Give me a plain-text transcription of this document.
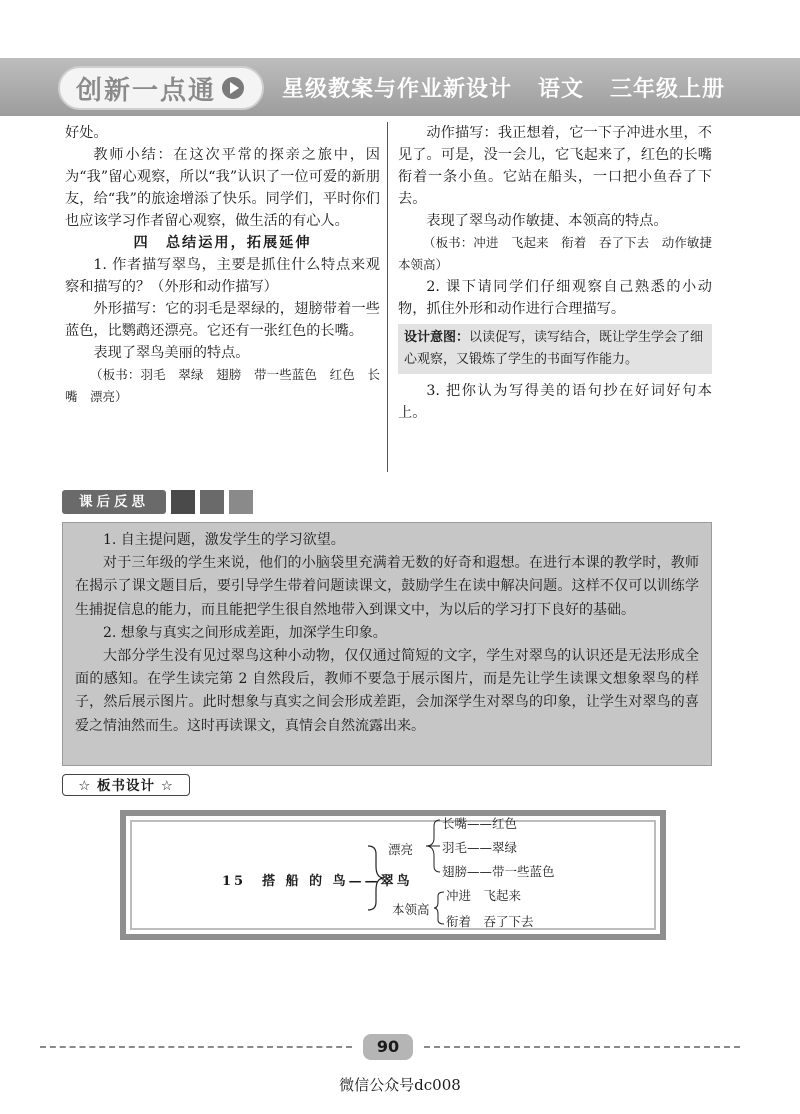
创新一点通	星级教案与作业新设计   语文   三年级上册

好处。

教师小结：在这次平常的探亲之旅中，因为“我”留心观察，所以“我”认识了一位可爱的新朋友，给“我”的旅途增添了快乐。同学们，平时你们也应该学习作者留心观察，做生活的有心人。

四　总结运用，拓展延伸

1. 作者描写翠鸟，主要是抓住什么特点来观察和描写的？（外形和动作描写）

外形描写：它的羽毛是翠绿的，翅膀带着一些蓝色，比鹦鹉还漂亮。它还有一张红色的长嘴。

表现了翠鸟美丽的特点。

（板书：羽毛　翠绿　翅膀　带一些蓝色　红色　长嘴　漂亮）

动作描写：我正想着，它一下子冲进水里，不见了。可是，没一会儿，它飞起来了，红色的长嘴衔着一条小鱼。它站在船头，一口把小鱼吞了下去。

表现了翠鸟动作敏捷、本领高的特点。

（板书：冲进　飞起来　衔着　吞了下去　动作敏捷　本领高）

2. 课下请同学们仔细观察自己熟悉的小动物，抓住外形和动作进行合理描写。

设计意图：以读促写，读写结合，既让学生学会了细心观察，又锻炼了学生的书面写作能力。

3. 把你认为写得美的语句抄在好词好句本上。

课后反思

1. 自主提问题，激发学生的学习欲望。

对于三年级的学生来说，他们的小脑袋里充满着无数的好奇和遐想。在进行本课的教学时，教师在揭示了课文题目后，要引导学生带着问题读课文，鼓励学生在读中解决问题。这样不仅可以训练学生捕捉信息的能力，而且能把学生很自然地带入到课文中，为以后的学习打下良好的基础。

2. 想象与真实之间形成差距，加深学生印象。

大部分学生没有见过翠鸟这种小动物，仅仅通过简短的文字，学生对翠鸟的认识还是无法形成全面的感知。在学生读完第 2 自然段后，教师不要急于展示图片，而是先让学生读课文想象翠鸟的样子，然后展示图片。此时想象与真实之间会形成差距，会加深学生对翠鸟的印象，让学生对翠鸟的喜爱之情油然而生。这时再读课文，真情会自然流露出来。

☆ 板书设计 ☆
15　搭 船 的 鸟——翠鸟
漂亮
长嘴——红色
羽毛——翠绿
翅膀——带一些蓝色
本领高
冲进　飞起来
衔着　吞了下去
90
微信公众号dc008
